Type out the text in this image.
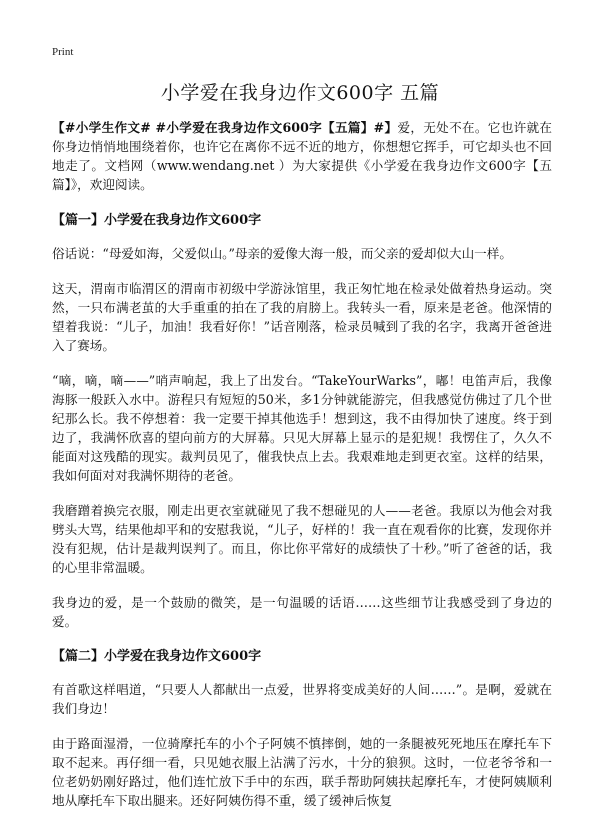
Print
小学爱在我身边作文600字 五篇

【#小学生作文# #小学爱在我身边作文600字【五篇】#】爱，无处不在。它也许就在你身边悄悄地围绕着你，也许它在离你不远不近的地方，你想想它挥手，可它却头也不回地走了。文档网（www.wendang.net ）为大家提供《小学爱在我身边作文600字【五篇】》，欢迎阅读。

【篇一】小学爱在我身边作文600字

俗话说：“母爱如海，父爱似山。”母亲的爱像大海一般，而父亲的爱却似大山一样。

这天，渭南市临渭区的渭南市初级中学游泳馆里，我正匆忙地在检录处做着热身运动。突然，一只布满老茧的大手重重的拍在了我的肩膀上。我转头一看，原来是老爸。他深情的望着我说：“儿子，加油！我看好你！”话音刚落，检录员喊到了我的名字，我离开爸爸进入了赛场。

“嘀，嘀，嘀——”哨声响起，我上了出发台。“TakeYourWarks”，嘟！电笛声后，我像海豚一般跃入水中。游程只有短短的50米，多1分钟就能游完，但我感觉仿佛过了几个世纪那么长。我不停想着：我一定要干掉其他选手！想到这，我不由得加快了速度。终于到边了，我满怀欣喜的望向前方的大屏幕。只见大屏幕上显示的是犯规！我愣住了，久久不能面对这残酷的现实。裁判员见了，催我快点上去。我艰难地走到更衣室。这样的结果，我如何面对对我满怀期待的老爸。

我磨蹭着换完衣服，刚走出更衣室就碰见了我不想碰见的人——老爸。我原以为他会对我劈头大骂，结果他却平和的安慰我说，“儿子，好样的！我一直在观看你的比赛，发现你并没有犯规，估计是裁判误判了。而且，你比你平常好的成绩快了十秒。”听了爸爸的话，我的心里非常温暖。

我身边的爱，是一个鼓励的微笑，是一句温暖的话语……这些细节让我感受到了身边的爱。

【篇二】小学爱在我身边作文600字

有首歌这样唱道，“只要人人都献出一点爱，世界将变成美好的人间……”。是啊，爱就在我们身边！

由于路面湿滑，一位骑摩托车的小个子阿姨不慎摔倒，她的一条腿被死死地压在摩托车下取不起来。再仔细一看，只见她衣服上沾满了污水，十分的狼狈。这时，一位老爷爷和一位老奶奶刚好路过，他们连忙放下手中的东西，联手帮助阿姨扶起摩托车，才使阿姨顺利地从摩托车下取出腿来。还好阿姨伤得不重，缓了缓神后恢复
